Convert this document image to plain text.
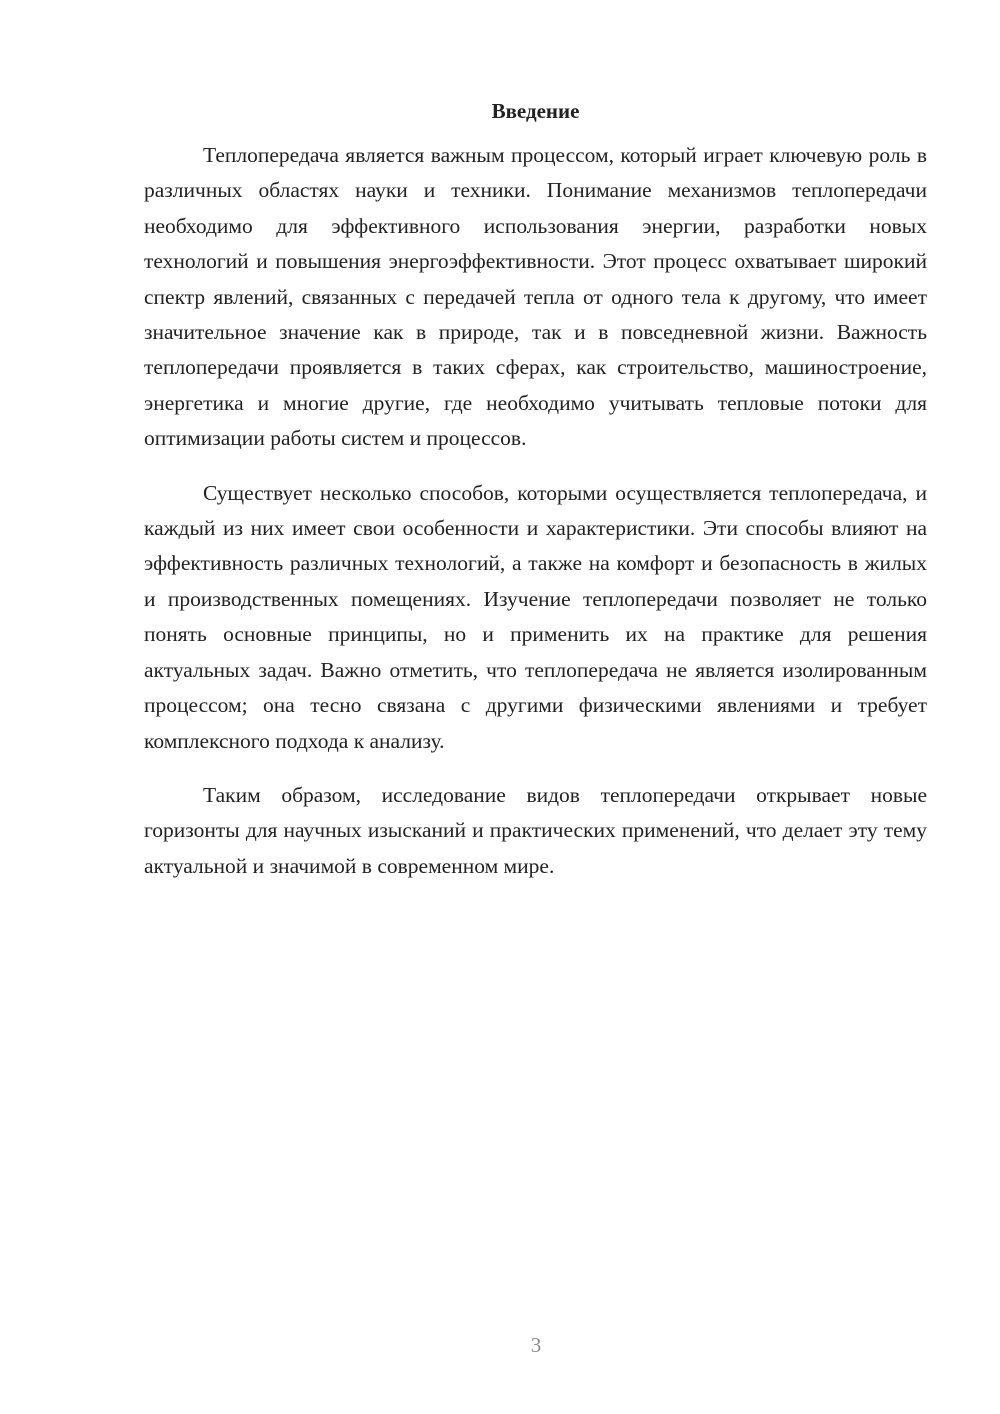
Введение

Теплопередача является важным процессом, который играет ключевую роль в различных областях науки и техники. Понимание механизмов теплопередачи необходимо для эффективного использования энергии, разработки новых технологий и повышения энергоэффективности. Этот процесс охватывает широкий спектр явлений, связанных с передачей тепла от одного тела к другому, что имеет значительное значение как в природе, так и в повседневной жизни. Важность теплопередачи проявляется в таких сферах, как строительство, машиностроение, энергетика и многие другие, где необходимо учитывать тепловые потоки для оптимизации работы систем и процессов.

Существует несколько способов, которыми осуществляется теплопередача, и каждый из них имеет свои особенности и характеристики. Эти способы влияют на эффективность различных технологий, а также на комфорт и безопасность в жилых и производственных помещениях. Изучение теплопередачи позволяет не только понять основные принципы, но и применить их на практике для решения актуальных задач. Важно отметить, что теплопередача не является изолированным процессом; она тесно связана с другими физическими явлениями и требует комплексного подхода к анализу.

Таким образом, исследование видов теплопередачи открывает новые горизонты для научных изысканий и практических применений, что делает эту тему актуальной и значимой в современном мире.

3
